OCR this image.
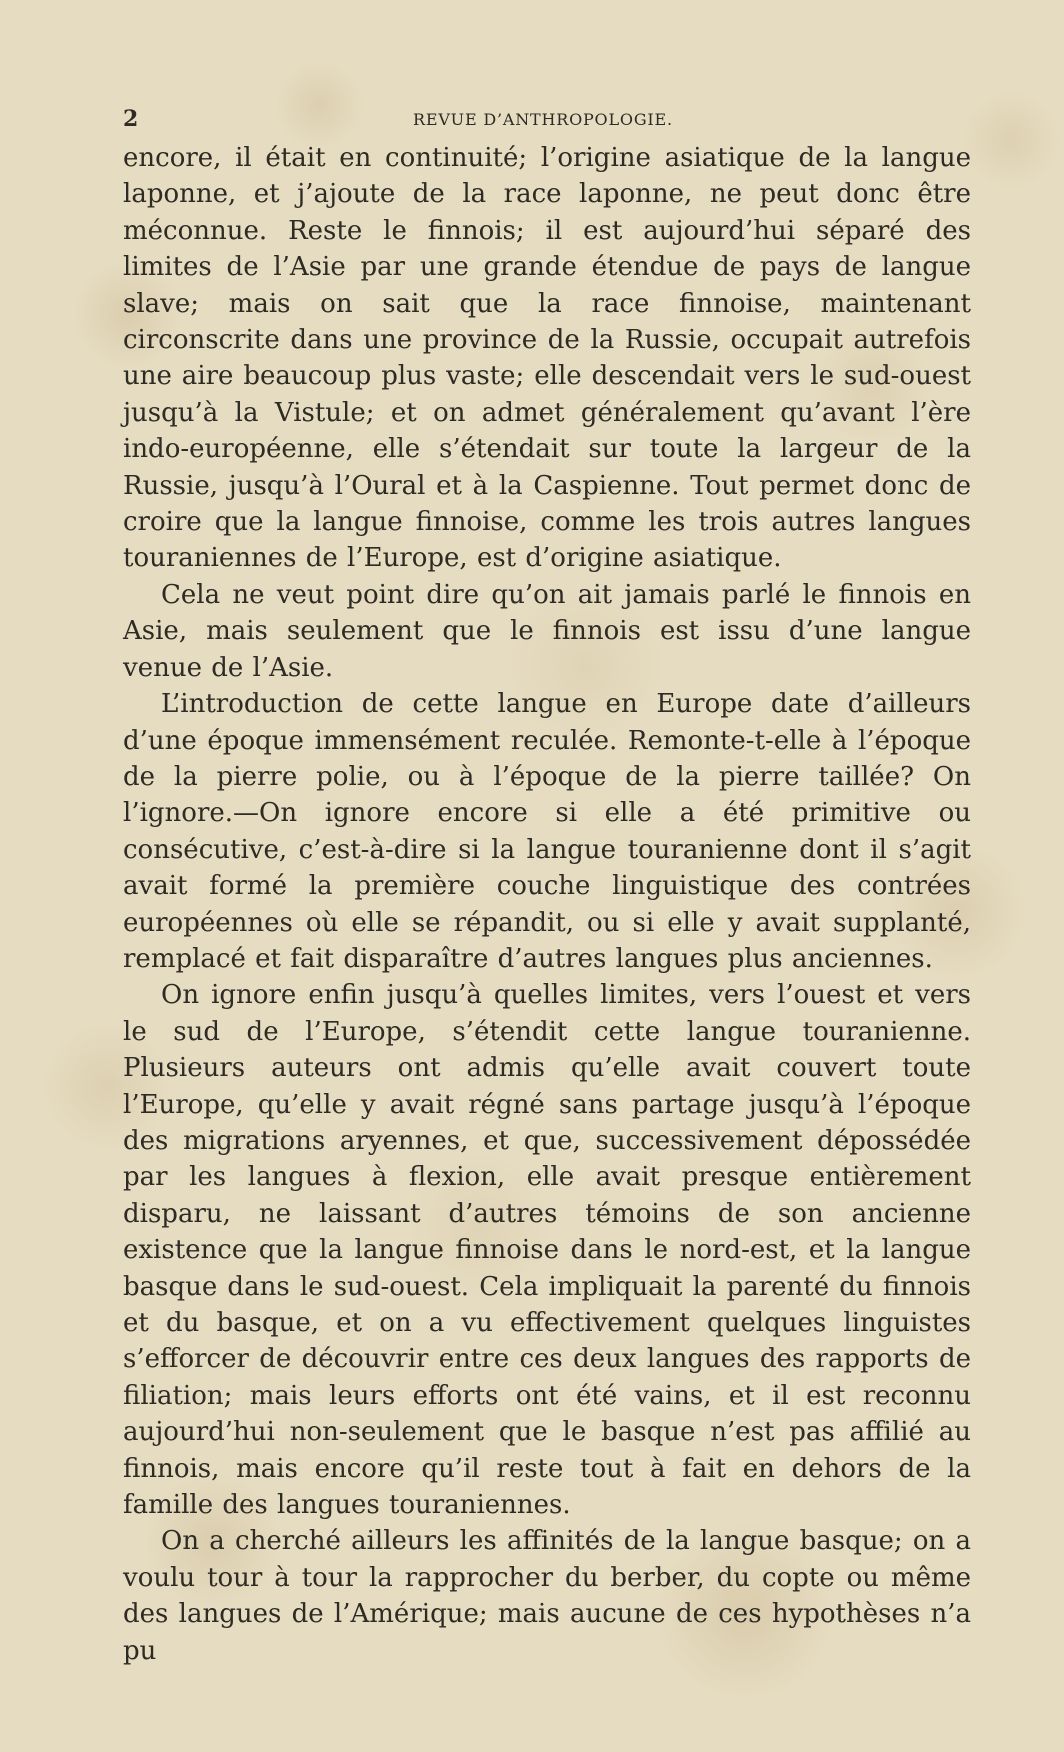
2	REVUE D’ANTHROPOLOGIE.

encore, il était en continuité; l’origine asiatique de la langue laponne, et j’ajoute de la race laponne, ne peut donc être méconnue. Reste le finnois; il est aujourd’hui séparé des limites de l’Asie par une grande étendue de pays de langue slave; mais on sait que la race finnoise, maintenant circonscrite dans une province de la Russie, occupait autrefois une aire beaucoup plus vaste; elle descendait vers le sud-ouest jusqu’à la Vistule; et on admet généralement qu’avant l’ère indo-européenne, elle s’étendait sur toute la largeur de la Russie, jusqu’à l’Oural et à la Caspienne. Tout permet donc de croire que la langue finnoise, comme les trois autres langues touraniennes de l’Europe, est d’origine asiatique.

Cela ne veut point dire qu’on ait jamais parlé le finnois en Asie, mais seulement que le finnois est issu d’une langue venue de l’Asie.

L’introduction de cette langue en Europe date d’ailleurs d’une époque immensément reculée. Remonte-t-elle à l’époque de la pierre polie, ou à l’époque de la pierre taillée? On l’ignore.—On ignore encore si elle a été primitive ou consécutive, c’est-à-dire si la langue touranienne dont il s’agit avait formé la première couche linguistique des contrées européennes où elle se répandit, ou si elle y avait supplanté, remplacé et fait disparaître d’autres langues plus anciennes.

On ignore enfin jusqu’à quelles limites, vers l’ouest et vers le sud de l’Europe, s’étendit cette langue touranienne. Plusieurs auteurs ont admis qu’elle avait couvert toute l’Europe, qu’elle y avait régné sans partage jusqu’à l’époque des migrations aryennes, et que, successivement dépossédée par les langues à flexion, elle avait presque entièrement disparu, ne laissant d’autres témoins de son ancienne existence que la langue finnoise dans le nord-est, et la langue basque dans le sud-ouest. Cela impliquait la parenté du finnois et du basque, et on a vu effectivement quelques linguistes s’efforcer de découvrir entre ces deux langues des rapports de filiation; mais leurs efforts ont été vains, et il est reconnu aujourd’hui non-seulement que le basque n’est pas affilié au finnois, mais encore qu’il reste tout à fait en dehors de la famille des langues touraniennes.

On a cherché ailleurs les affinités de la langue basque; on a voulu tour à tour la rapprocher du berber, du copte ou même des langues de l’Amérique; mais aucune de ces hypothèses n’a pu
